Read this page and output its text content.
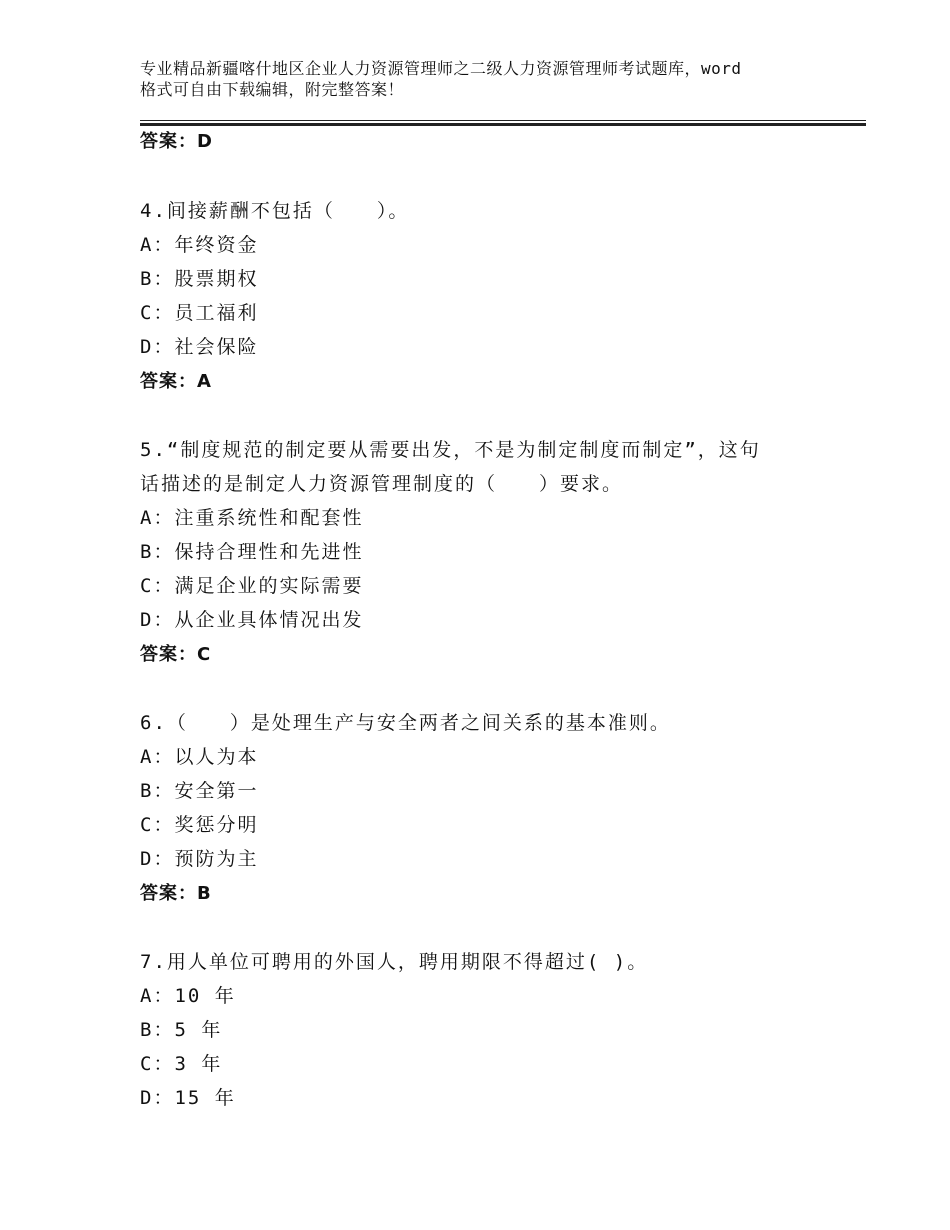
专业精品新疆喀什地区企业人力资源管理师之二级人力资源管理师考试题库，word
格式可自由下载编辑，附完整答案！
答案：D
4.间接薪酬不包括（　　）。
A：年终资金
B：股票期权
C：员工福利
D：社会保险
答案：A
5.“制度规范的制定要从需要出发，不是为制定制度而制定”，这句
话描述的是制定人力资源管理制度的（　　）要求。
A：注重系统性和配套性
B：保持合理性和先进性
C：满足企业的实际需要
D：从企业具体情况出发
答案：C
6.（　　）是处理生产与安全两者之间关系的基本准则。
A：以人为本
B：安全第一
C：奖惩分明
D：预防为主
答案：B
7.用人单位可聘用的外国人，聘用期限不得超过( )。
A：10 年
B：5 年
C：3 年
D：15 年
